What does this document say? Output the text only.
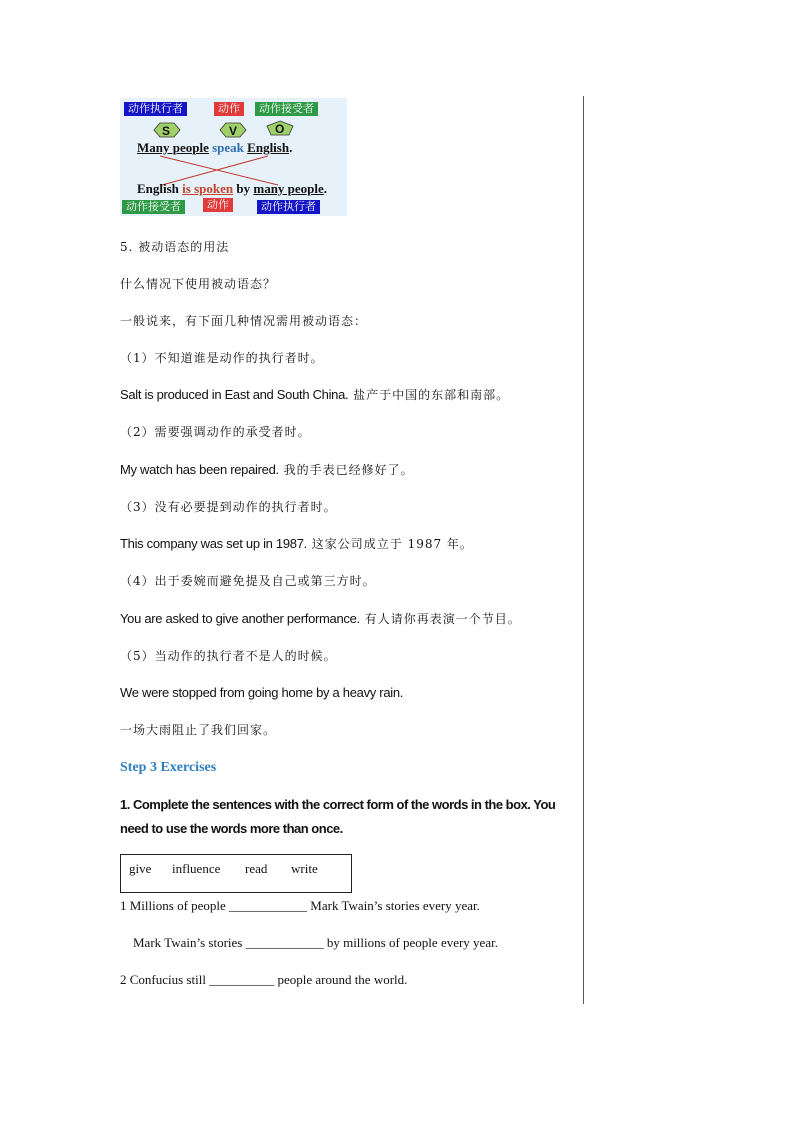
动作执行者	动作	动作接受者
S	V	O
Many people speak English.
English is spoken by many people.
动作接受者	动作	动作执行者
5. 被动语态的用法
什么情况下使用被动语态？
一般说来，有下面几种情况需用被动语态：
（1）不知道谁是动作的执行者时。
Salt is produced in East and South China. 盐产于中国的东部和南部。
（2）需要强调动作的承受者时。
My watch has been repaired. 我的手表已经修好了。
（3）没有必要提到动作的执行者时。
This company was set up in 1987. 这家公司成立于 1987 年。
（4）出于委婉而避免提及自己或第三方时。
You are asked to give another performance. 有人请你再表演一个节目。
（5）当动作的执行者不是人的时候。
We were stopped from going home by a heavy rain.
一场大雨阻止了我们回家。
Step 3 Exercises
1. Complete the sentences with the correct form of the words in the box. You
need to use the words more than once.
give influence read write
1 Millions of people ____________ Mark Twain’s stories every year.
Mark Twain’s stories ____________ by millions of people every year.
2 Confucius still __________ people around the world.
